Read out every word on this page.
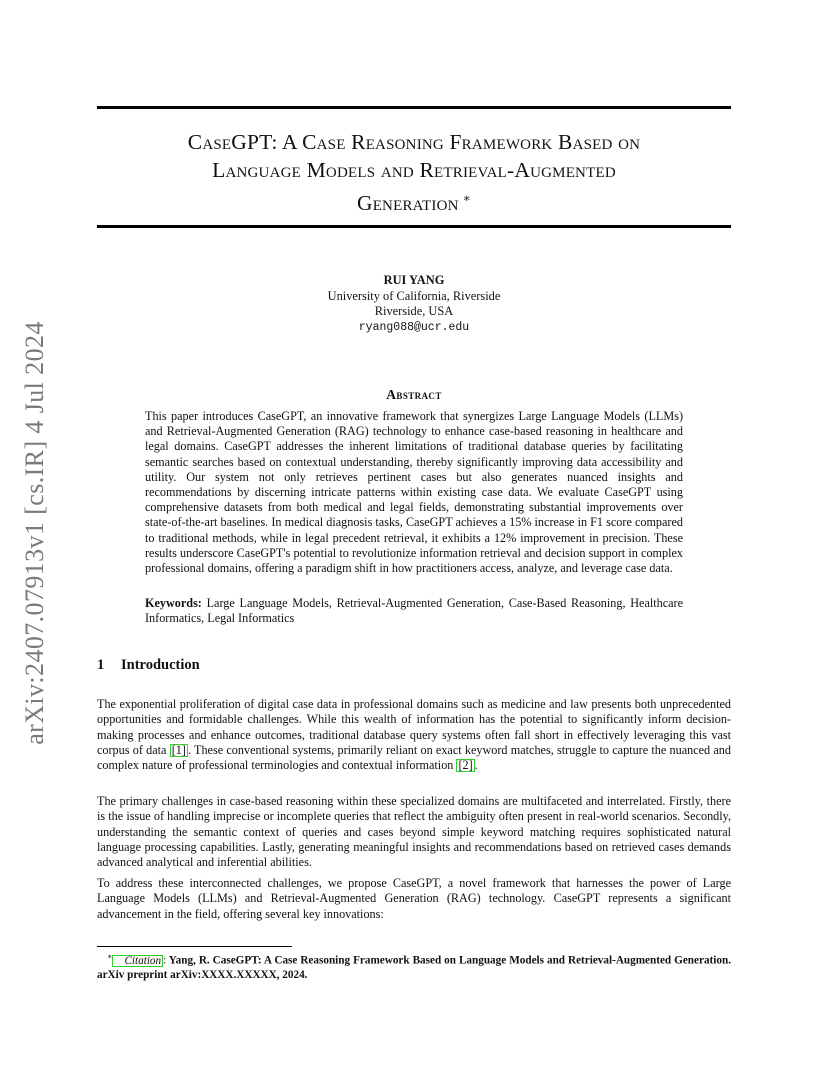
arXiv:2407.07913v1 [cs.IR] 4 Jul 2024
CaseGPT: A Case Reasoning Framework Based on
Language Models and Retrieval-Augmented
Generation ∗
RUI YANG
University of California, Riverside
Riverside, USA
ryang088@ucr.edu
Abstract

This paper introduces CaseGPT, an innovative framework that synergizes Large Language Models (LLMs) and Retrieval-Augmented Generation (RAG) technology to enhance case-based reasoning in healthcare and legal domains. CaseGPT addresses the inherent limitations of traditional database queries by facilitating semantic searches based on contextual understanding, thereby significantly improving data accessibility and utility. Our system not only retrieves pertinent cases but also generates nuanced insights and recommendations by discerning intricate patterns within existing case data. We evaluate CaseGPT using comprehensive datasets from both medical and legal fields, demonstrating substantial improvements over state-of-the-art baselines. In medical diagnosis tasks, CaseGPT achieves a 15% increase in F1 score compared to traditional methods, while in legal precedent retrieval, it exhibits a 12% improvement in precision. These results underscore CaseGPT's potential to revolutionize information retrieval and decision support in complex professional domains, offering a paradigm shift in how practitioners access, analyze, and leverage case data.

Keywords: Large Language Models, Retrieval-Augmented Generation, Case-Based Reasoning, Healthcare Informatics, Legal Informatics

1 Introduction

The exponential proliferation of digital case data in professional domains such as medicine and law presents both unprecedented opportunities and formidable challenges. While this wealth of information has the potential to significantly inform decision-making processes and enhance outcomes, traditional database query systems often fall short in effectively leveraging this vast corpus of data [1] . These conventional systems, primarily reliant on exact keyword matches, struggle to capture the nuanced and complex nature of professional terminologies and contextual information [2] .

The primary challenges in case-based reasoning within these specialized domains are multifaceted and interrelated. Firstly, there is the issue of handling imprecise or incomplete queries that reflect the ambiguity often present in real-world scenarios. Secondly, understanding the semantic context of queries and cases beyond simple keyword matching requires sophisticated natural language processing capabilities. Lastly, generating meaningful insights and recommendations based on retrieved cases demands advanced analytical and inferential abilities.

To address these interconnected challenges, we propose CaseGPT, a novel framework that harnesses the power of Large Language Models (LLMs) and Retrieval-Augmented Generation (RAG) technology. CaseGPT represents a significant advancement in the field, offering several key innovations:

∗ Citation : Yang, R. CaseGPT: A Case Reasoning Framework Based on Language Models and Retrieval-Augmented Generation. arXiv preprint arXiv:XXXX.XXXXX, 2024.
